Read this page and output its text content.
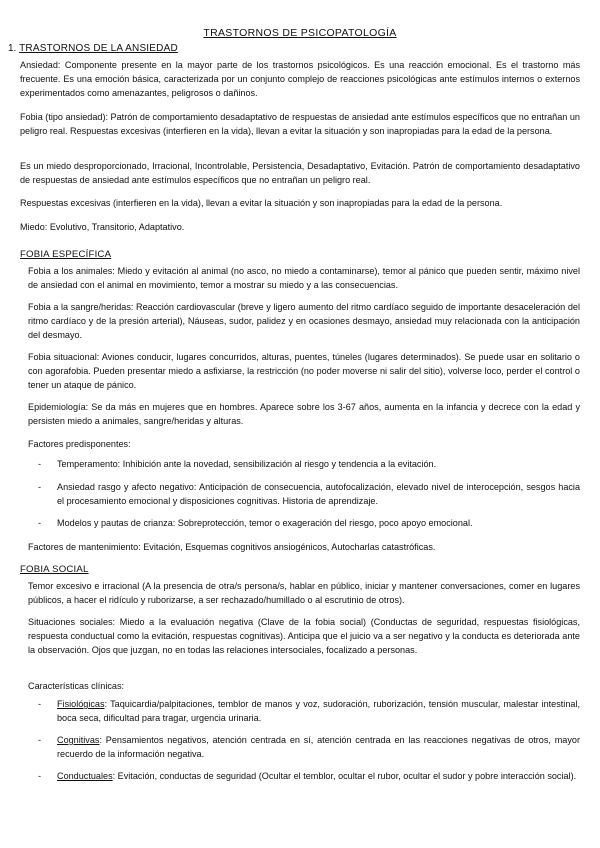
TRASTORNOS DE PSICOPATOLOGÍA
1. TRASTORNOS DE LA ANSIEDAD

Ansiedad: Componente presente en la mayor parte de los trastornos psicológicos. Es una reacción emocional. Es el trastorno más frecuente. Es una emoción básica, caracterizada por un conjunto complejo de reacciones psicológicas ante estímulos internos o externos experimentados como amenazantes, peligrosos o dañinos.

Fobia (tipo ansiedad): Patrón de comportamiento desadaptativo de respuestas de ansiedad ante estímulos específicos que no entrañan un peligro real. Respuestas excesivas (interfieren en la vida), llevan a evitar la situación y son inapropiadas para la edad de la persona.

Es un miedo desproporcionado, Irracional, Incontrolable, Persistencia, Desadaptativo, Evitación. Patrón de comportamiento desadaptativo de respuestas de ansiedad ante estímulos específicos que no entrañan un peligro real.

Respuestas excesivas (interfieren en la vida), llevan a evitar la situación y son inapropiadas para la edad de la persona.

Miedo: Evolutivo, Transitorio, Adaptativo.

FOBIA ESPECÍFICA

Fobia a los animales: Miedo y evitación al animal (no asco, no miedo a contaminarse), temor al pánico que pueden sentir, máximo nivel de ansiedad con el animal en movimiento, temor a mostrar su miedo y a las consecuencias.

Fobia a la sangre/heridas: Reacción cardiovascular (breve y ligero aumento del ritmo cardíaco seguido de importante desaceleración del ritmo cardíaco y de la presión arterial), Náuseas, sudor, palidez y en ocasiones desmayo, ansiedad muy relacionada con la anticipación del desmayo.

Fobia situacional: Aviones conducir, lugares concurridos, alturas, puentes, túneles (lugares determinados). Se puede usar en solitario o con agorafobia. Pueden presentar miedo a asfixiarse, la restricción (no poder moverse ni salir del sitio), volverse loco, perder el control o tener un ataque de pánico.

Epidemiología: Se da más en mujeres que en hombres. Aparece sobre los 3-67 años, aumenta en la infancia y decrece con la edad y persisten miedo a animales, sangre/heridas y alturas.

Factores predisponentes:

- Temperamento: Inhibición ante la novedad, sensibilización al riesgo y tendencia a la evitación.
- Ansiedad rasgo y afecto negativo: Anticipación de consecuencia, autofocalización, elevado nivel de interocepción, sesgos hacia el procesamiento emocional y disposiciones cognitivas. Historia de aprendizaje.
- Modelos y pautas de crianza: Sobreprotección, temor o exageración del riesgo, poco apoyo emocional.

Factores de mantenimiento: Evitación, Esquemas cognitivos ansiogénicos, Autocharlas catastróficas.

FOBIA SOCIAL

Temor excesivo e irracional (A la presencia de otra/s persona/s, hablar en público, iniciar y mantener conversaciones, comer en lugares públicos, a hacer el ridículo y ruborizarse, a ser rechazado/humillado o al escrutinio de otros).

Situaciones sociales: Miedo a la evaluación negativa (Clave de la fobia social) (Conductas de seguridad, respuestas fisiológicas, respuesta conductual como la evitación, respuestas cognitivas). Anticipa que el juicio va a ser negativo y la conducta es deteriorada ante la observación. Ojos que juzgan, no en todas las relaciones intersociales, focalizado a personas.

Características clínicas:

- Fisiológicas: Taquicardia/palpitaciones, temblor de manos y voz, sudoración, ruborización, tensión muscular, malestar intestinal, boca seca, dificultad para tragar, urgencia urinaria.
- Cognitivas: Pensamientos negativos, atención centrada en sí, atención centrada en las reacciones negativas de otros, mayor recuerdo de la información negativa.
- Conductuales: Evitación, conductas de seguridad (Ocultar el temblor, ocultar el rubor, ocultar el sudor y pobre interacción social).
